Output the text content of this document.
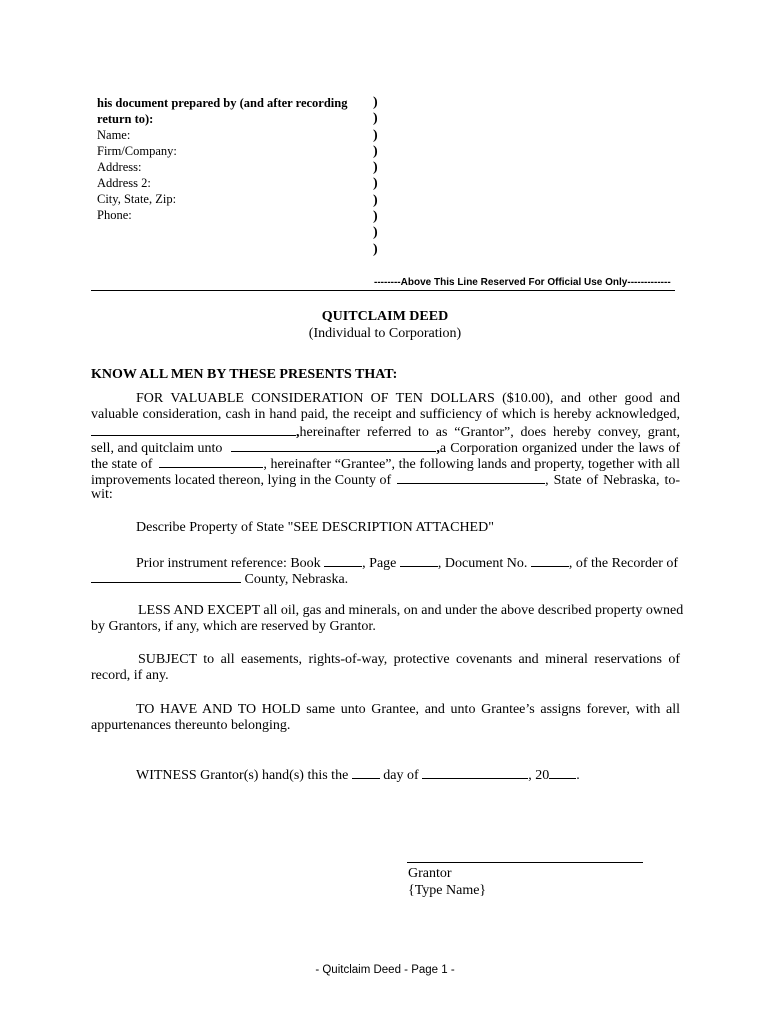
his document prepared by (and after recording
return to):
Name:
Firm/Company:
Address:
Address 2:
City, State, Zip:
Phone:
)
)
)
)
)
)
)
)
)
)
--------Above This Line Reserved For Official Use Only-------------
QUITCLAIM DEED
(Individual to Corporation)
KNOW ALL MEN BY THESE PRESENTS THAT:
FOR VALUABLE CONSIDERATION OF TEN DOLLARS ($10.00), and other good and
valuable consideration, cash in hand paid, the receipt and sufficiency of which is hereby acknowledged,
, hereinafter referred to as “Grantor”, does hereby convey, grant,
sell, and quitclaim unto	, a Corporation organized under the laws of
the state of	, hereinafter “Grantee”, the following lands and property, together with all
improvements located thereon, lying in the County of	, State of Nebraska, to-
wit:
Describe Property of State "SEE DESCRIPTION ATTACHED"
Prior instrument reference: Book	, Page	, Document No.	, of the Recorder of
County, Nebraska.
LESS AND EXCEPT all oil, gas and minerals, on and under the above described property owned
by Grantors, if any, which are reserved by Grantor.
SUBJECT to all easements, rights-of-way, protective covenants and mineral reservations of
record, if any.
TO HAVE AND TO HOLD same unto Grantee, and unto Grantee’s assigns forever, with all
appurtenances thereunto belonging.
WITNESS Grantor(s) hand(s) this the  day of	, 20 .
Grantor
{Type Name}
- Quitclaim Deed - Page 1 -
